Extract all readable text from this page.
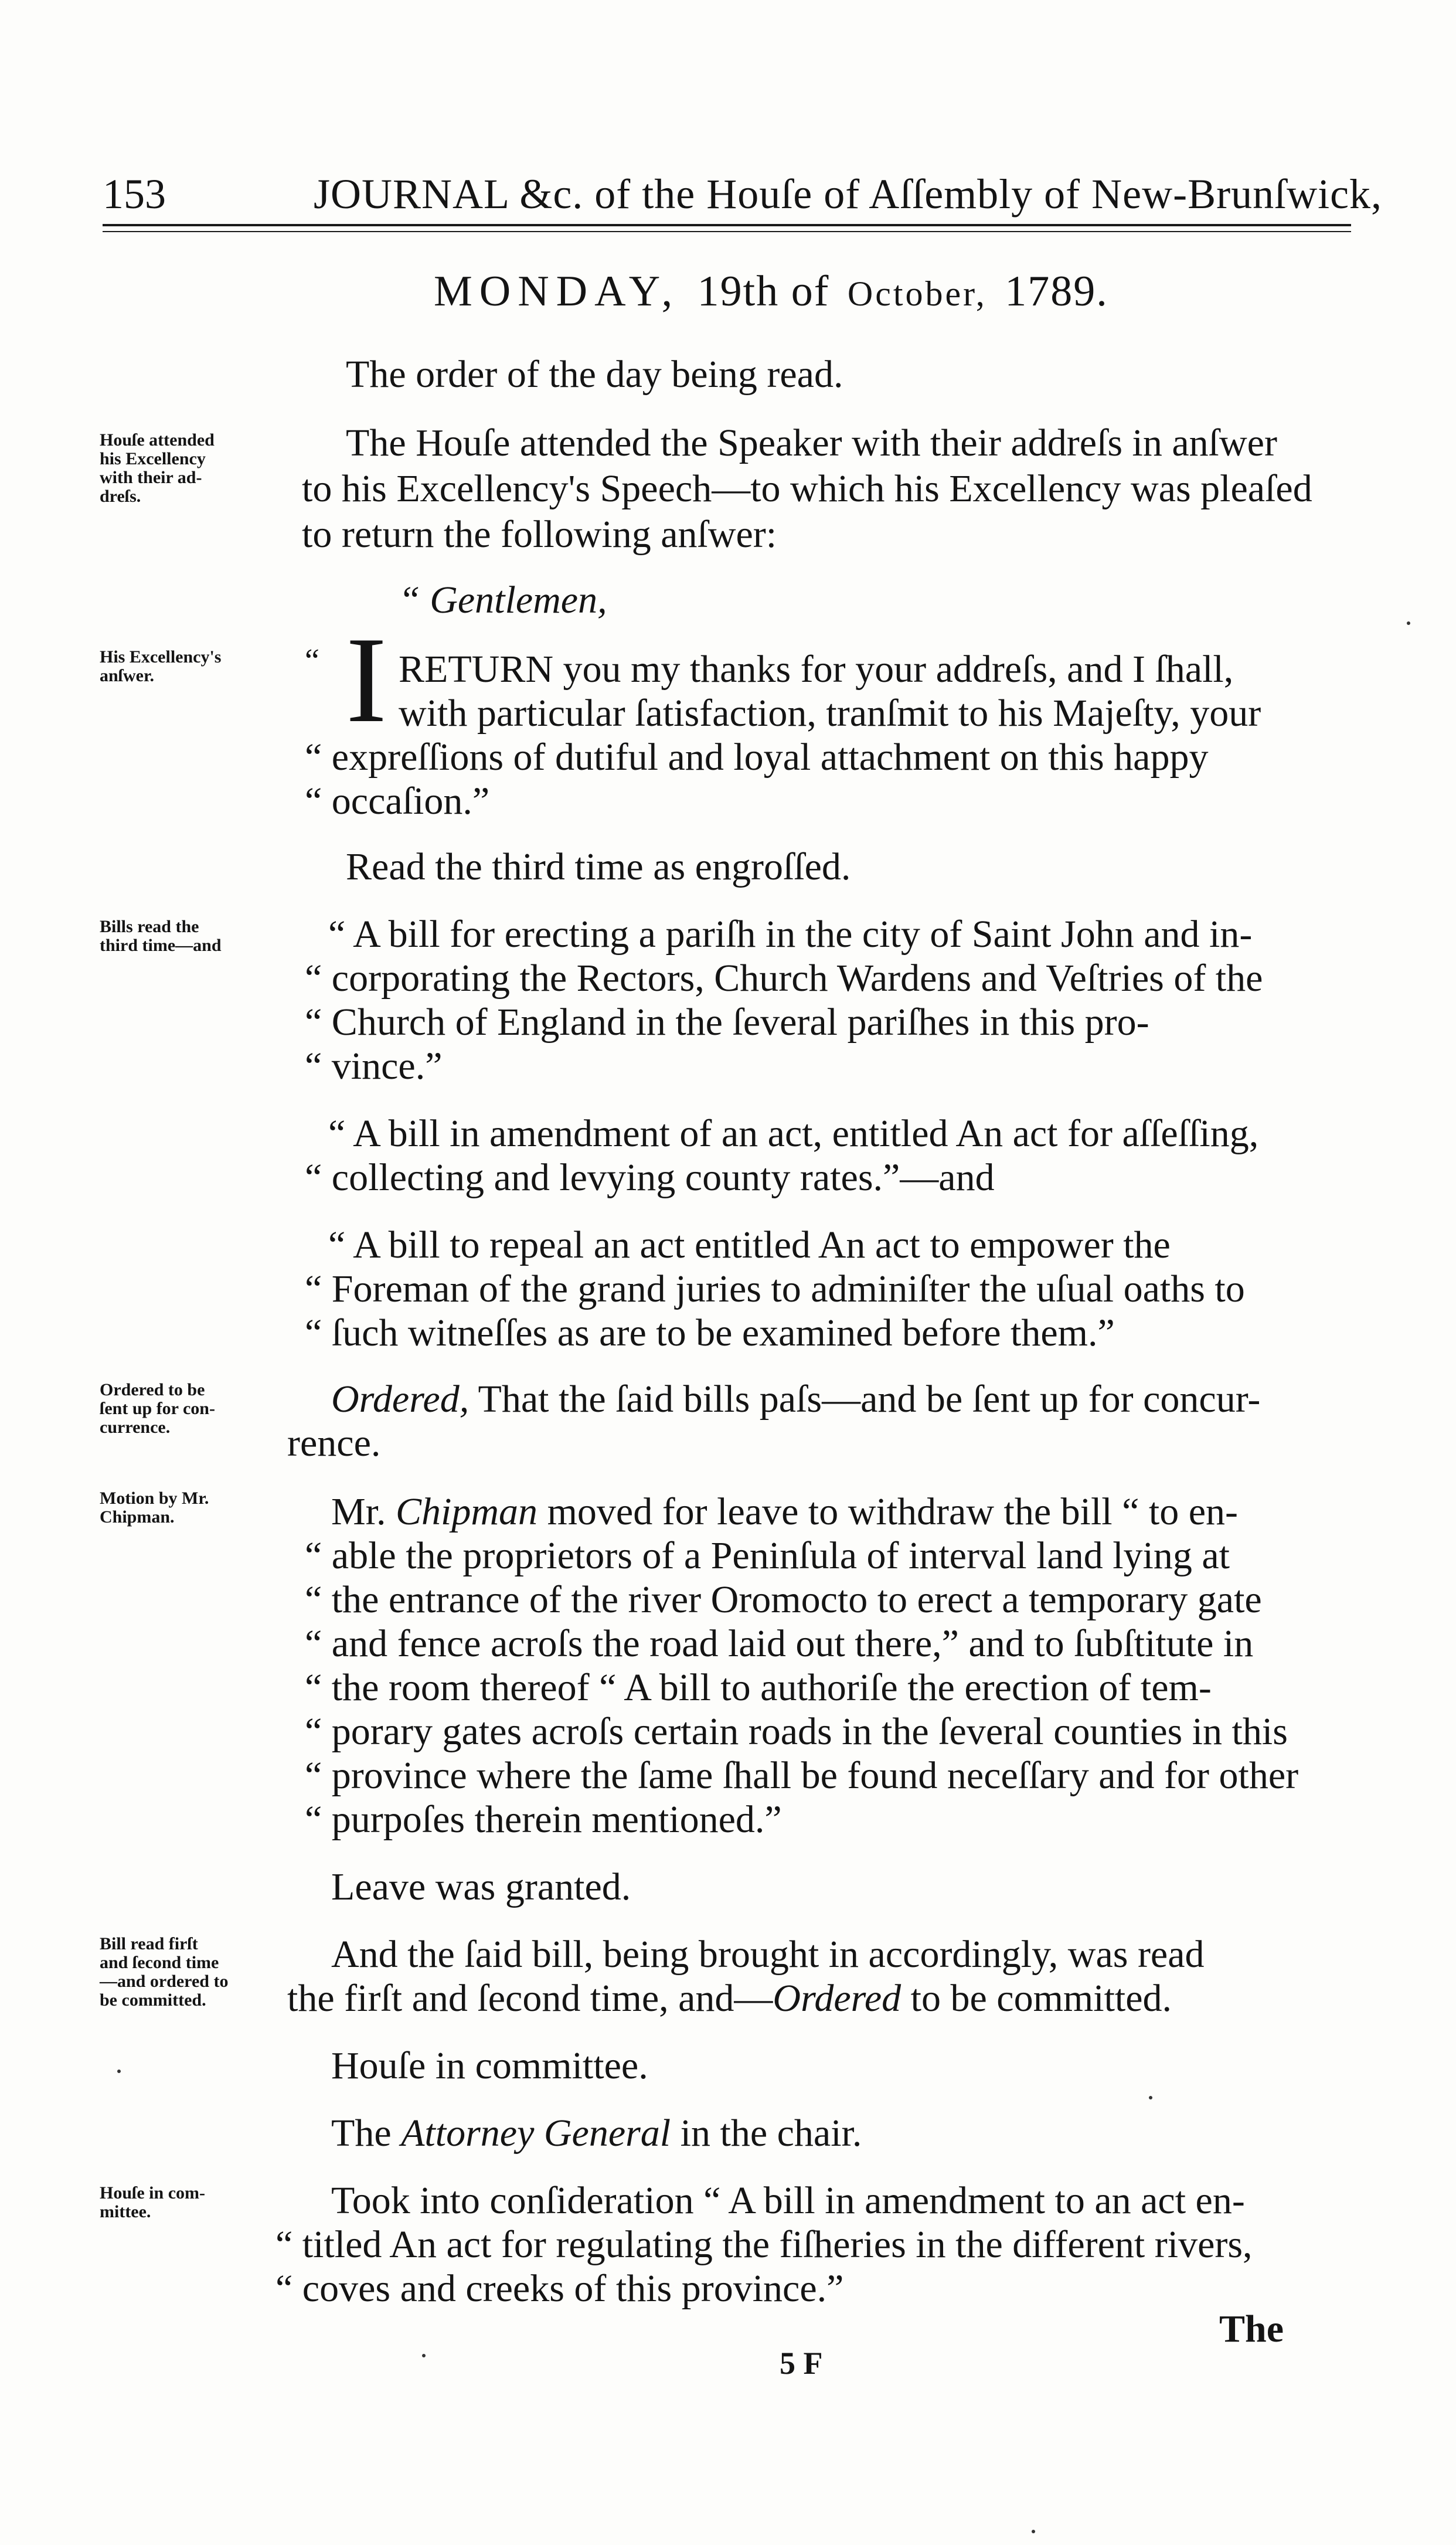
153	JOURNAL &c. of the Houſe of Aſſembly of New-Brunſwick,
MONDAY, 19th of October, 1789.
Houſe attended
his Excellency
with their ad-
dreſs.
His Excellency's
anſwer.
Bills read the
third time—and
Ordered to be
ſent up for con-
currence.
Motion by Mr.
Chipman.
Bill read firſt
and ſecond time
—and ordered to
be committed.
Houſe in com-
mittee.
The order of the day being read.
The Houſe attended the Speaker with their addreſs in anſwer
to his Excellency's Speech—to which his Excellency was pleaſed
to return the following anſwer:
“ Gentlemen,
“ I RETURN you my thanks for your addreſs, and I ſhall,
with particular ſatisfaction, tranſmit to his Majeſty, your
“ expreſſions of dutiful and loyal attachment on this happy
“ occaſion.”
Read the third time as engroſſed.
“ A bill for erecting a pariſh in the city of Saint John and in-
“ corporating the Rectors, Church Wardens and Veſtries of the
“ Church of England in the ſeveral pariſhes in this pro-
“ vince.”
“ A bill in amendment of an act, entitled An act for aſſeſſing,
“ collecting and levying county rates.”—and
“ A bill to repeal an act entitled An act to empower the
“ Foreman of the grand juries to adminiſter the uſual oaths to
“ ſuch witneſſes as are to be examined before them.”
Ordered, That the ſaid bills paſs—and be ſent up for concur-
rence.
Mr. Chipman moved for leave to withdraw the bill “ to en-
“ able the proprietors of a Peninſula of interval land lying at
“ the entrance of the river Oromocto to erect a temporary gate
“ and fence acroſs the road laid out there,” and to ſubſtitute in
“ the room thereof “ A bill to authoriſe the erection of tem-
“ porary gates acroſs certain roads in the ſeveral counties in this
“ province where the ſame ſhall be found neceſſary and for other
“ purpoſes therein mentioned.”
Leave was granted.
And the ſaid bill, being brought in accordingly, was read
the firſt and ſecond time, and—Ordered to be committed.
Houſe in committee.
The Attorney General in the chair.
Took into conſideration “ A bill in amendment to an act en-
“ titled An act for regulating the fiſheries in the different rivers,
“ coves and creeks of this province.”
5 F
The
